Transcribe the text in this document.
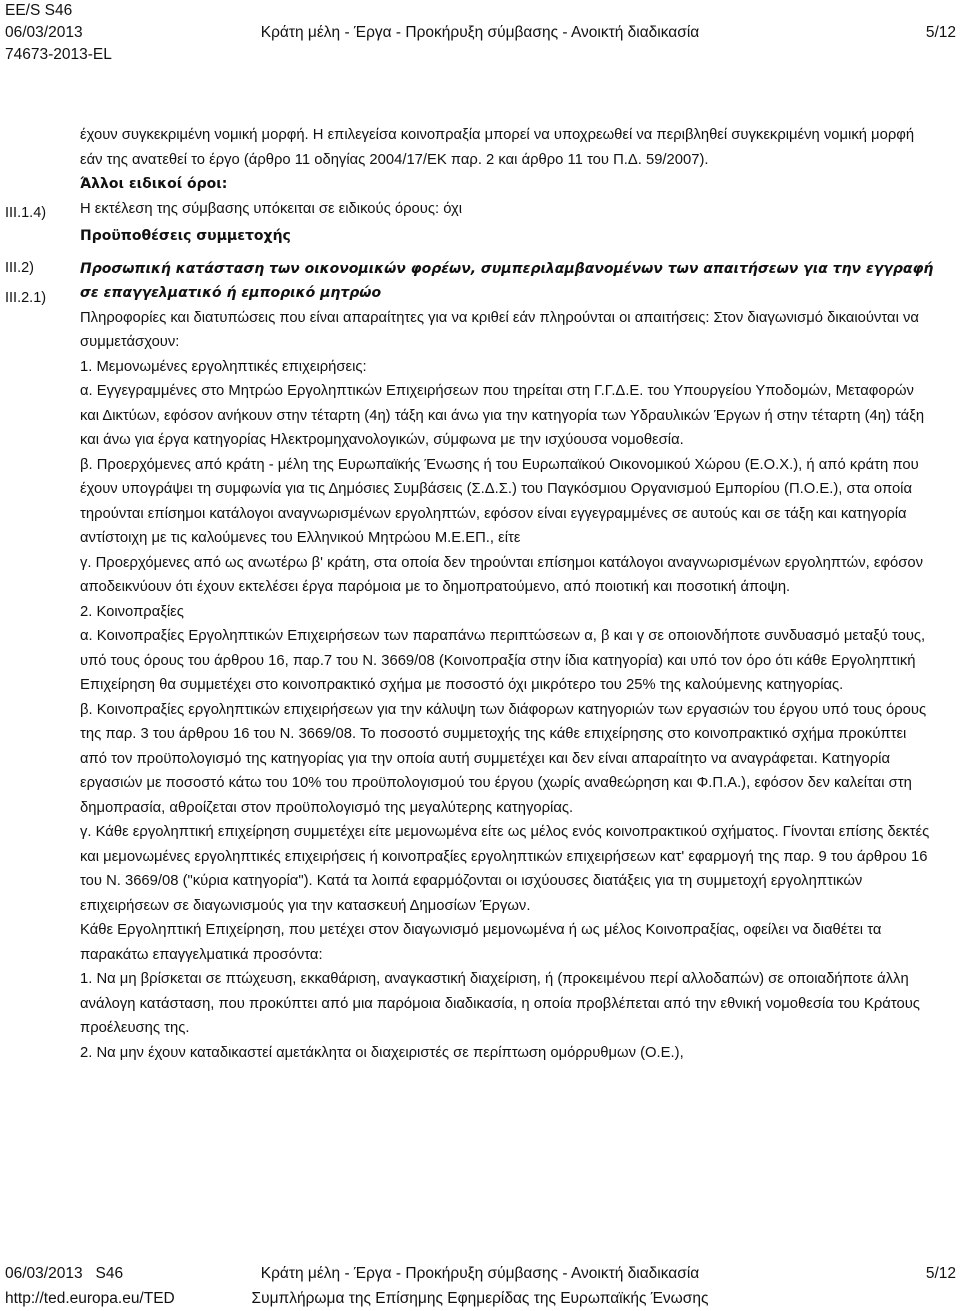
EE/S S46
06/03/2013
74673-2013-EL
Κράτη μέλη - Έργα - Προκήρυξη σύμβασης - Ανοικτή διαδικασία	5/12
III.1.4)
III.2)
III.2.1)

έχουν συγκεκριμένη νομική μορφή. Η επιλεγείσα κοινοπραξία μπορεί να υποχρεωθεί να περιβληθεί συγκεκριμένη νομική μορφή εάν της ανατεθεί το έργο (άρθρο 11 οδηγίας 2004/17/ΕΚ παρ. 2 και άρθρο 11 του Π.Δ. 59/2007).

Άλλοι ειδικοί όροι:

Η εκτέλεση της σύμβασης υπόκειται σε ειδικούς όρους: όχι

Προϋποθέσεις συμμετοχής

Προσωπική κατάσταση των οικονομικών φορέων, συμπεριλαμβανομένων των απαιτήσεων για την εγγραφή σε επαγγελματικό ή εμπορικό μητρώο

Πληροφορίες και διατυπώσεις που είναι απαραίτητες για να κριθεί εάν πληρούνται οι απαιτήσεις: Στον διαγωνισμό δικαιούνται να συμμετάσχουν:

1. Μεμονωμένες εργοληπτικές επιχειρήσεις:

α. Εγγεγραμμένες στο Μητρώο Εργοληπτικών Επιχειρήσεων που τηρείται στη Γ.Γ.Δ.Ε. του Υπουργείου Υποδομών, Μεταφορών και Δικτύων, εφόσον ανήκουν στην τέταρτη (4η) τάξη και άνω για την κατηγορία των Υδραυλικών Έργων ή στην τέταρτη (4η) τάξη και άνω για έργα κατηγορίας Ηλεκτρομηχανολογικών, σύμφωνα με την ισχύουσα νομοθεσία.

β. Προερχόμενες από κράτη - μέλη της Ευρωπαϊκής Ένωσης ή του Ευρωπαϊκού Οικονομικού Χώρου (Ε.Ο.Χ.), ή από κράτη που έχουν υπογράψει τη συμφωνία για τις Δημόσιες Συμβάσεις (Σ.Δ.Σ.) του Παγκόσμιου Οργανισμού Εμπορίου (Π.Ο.Ε.), στα οποία τηρούνται επίσημοι κατάλογοι αναγνωρισμένων εργοληπτών, εφόσον είναι εγγεγραμμένες σε αυτούς και σε τάξη και κατηγορία αντίστοιχη με τις καλούμενες του Ελληνικού Μητρώου Μ.Ε.ΕΠ., είτε

γ. Προερχόμενες από ως ανωτέρω β' κράτη, στα οποία δεν τηρούνται επίσημοι κατάλογοι αναγνωρισμένων εργοληπτών, εφόσον αποδεικνύουν ότι έχουν εκτελέσει έργα παρόμοια με το δημοπρατούμενο, από ποιοτική και ποσοτική άποψη.

2. Κοινοπραξίες

α. Κοινοπραξίες Εργοληπτικών Επιχειρήσεων των παραπάνω περιπτώσεων α, β και γ σε οποιονδήποτε συνδυασμό μεταξύ τους, υπό τους όρους του άρθρου 16, παρ.7 του Ν. 3669/08 (Κοινοπραξία στην ίδια κατηγορία) και υπό τον όρο ότι κάθε Εργοληπτική Επιχείρηση θα συμμετέχει στο κοινοπρακτικό σχήμα με ποσοστό όχι μικρότερο του 25% της καλούμενης κατηγορίας.

β. Κοινοπραξίες εργοληπτικών επιχειρήσεων για την κάλυψη των διάφορων κατηγοριών των εργασιών του έργου υπό τους όρους της παρ. 3 του άρθρου 16 του Ν. 3669/08. Το ποσοστό συμμετοχής της κάθε επιχείρησης στο κοινοπρακτικό σχήμα προκύπτει από τον προϋπολογισμό της κατηγορίας για την οποία αυτή συμμετέχει και δεν είναι απαραίτητο να αναγράφεται. Κατηγορία εργασιών με ποσοστό κάτω του 10% του προϋπολογισμού του έργου (χωρίς αναθεώρηση και Φ.Π.Α.), εφόσον δεν καλείται στη δημοπρασία, αθροίζεται στον προϋπολογισμό της μεγαλύτερης κατηγορίας.

γ. Κάθε εργοληπτική επιχείρηση συμμετέχει είτε μεμονωμένα είτε ως μέλος ενός κοινοπρακτικού σχήματος. Γίνονται επίσης δεκτές και μεμονωμένες εργοληπτικές επιχειρήσεις ή κοινοπραξίες εργοληπτικών επιχειρήσεων κατ' εφαρμογή της παρ. 9 του άρθρου 16 του Ν. 3669/08 ("κύρια κατηγορία"). Κατά τα λοιπά εφαρμόζονται οι ισχύουσες διατάξεις για τη συμμετοχή εργοληπτικών επιχειρήσεων σε διαγωνισμούς για την κατασκευή Δημοσίων Έργων.

Κάθε Εργοληπτική Επιχείρηση, που μετέχει στον διαγωνισμό μεμονωμένα ή ως μέλος Κοινοπραξίας, οφείλει να διαθέτει τα παρακάτω επαγγελματικά προσόντα:

1. Να μη βρίσκεται σε πτώχευση, εκκαθάριση, αναγκαστική διαχείριση, ή (προκειμένου περί αλλοδαπών) σε οποιαδήποτε άλλη ανάλογη κατάσταση, που προκύπτει από μια παρόμοια διαδικασία, η οποία προβλέπεται από την εθνική νομοθεσία του Κράτους προέλευσης της.

2. Να μην έχουν καταδικαστεί αμετάκλητα οι διαχειριστές σε περίπτωση ομόρρυθμων (Ο.Ε.),

06/03/2013 S46
http://ted.europa.eu/TED
Κράτη μέλη - Έργα - Προκήρυξη σύμβασης - Ανοικτή διαδικασία
Συμπλήρωμα της Επίσημης Εφημερίδας της Ευρωπαϊκής Ένωσης
5/12
